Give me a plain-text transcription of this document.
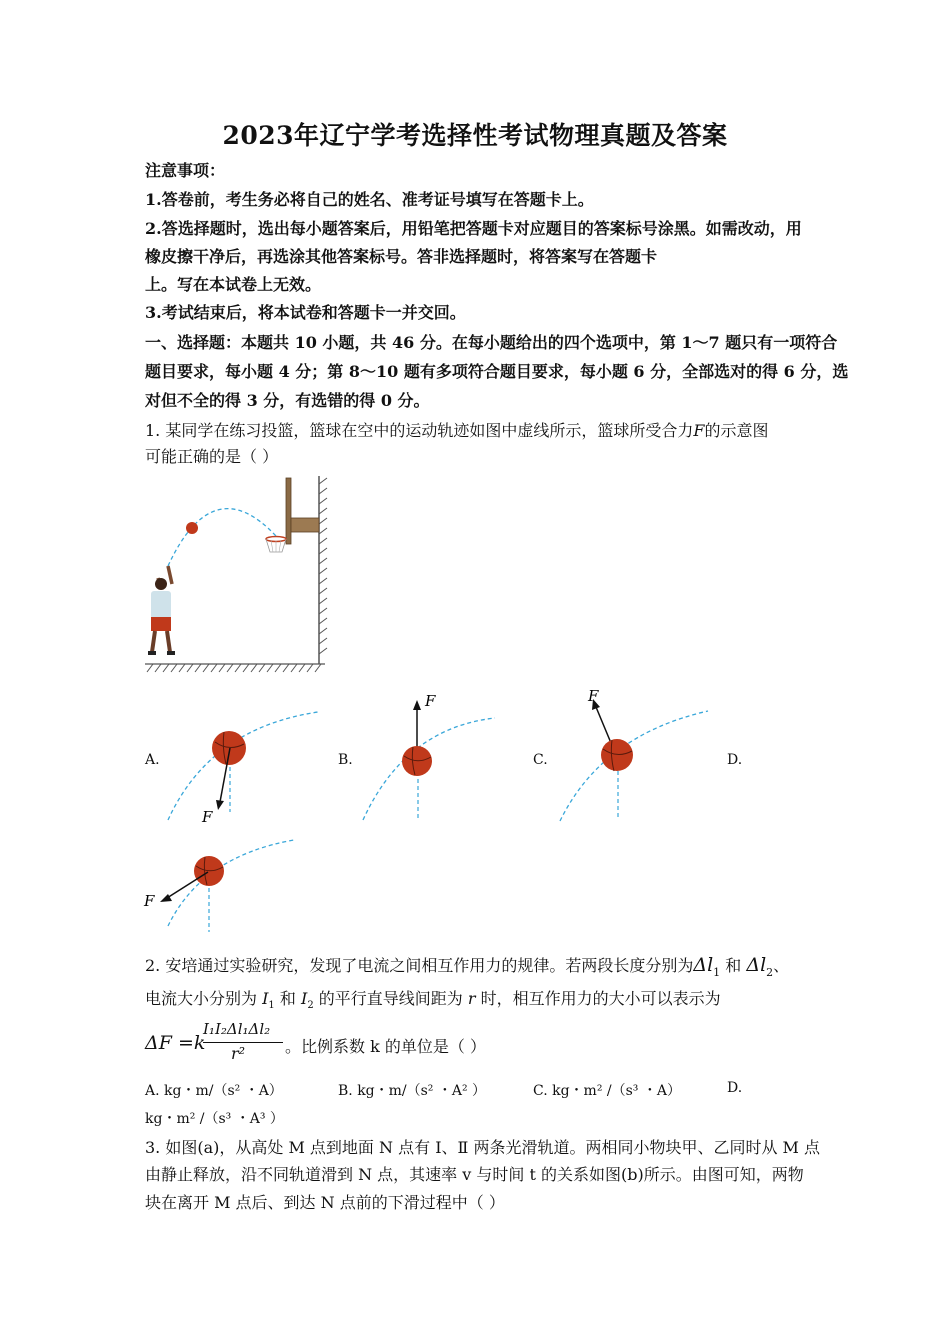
2023年辽宁学考选择性考试物理真题及答案
注意事项：
1.答卷前，考生务必将自己的姓名、准考证号填写在答题卡上。
2.答选择题时，选出每小题答案后，用铅笔把答题卡对应题目的答案标号涂黑。如需改动，用
橡皮擦干净后，再选涂其他答案标号。答非选择题时，将答案写在答题卡
上。写在本试卷上无效。
3.考试结束后，将本试卷和答题卡一并交回。
一、选择题：本题共 10 小题，共 46 分。在每小题给出的四个选项中，第 1～7 题只有一项符合
题目要求，每小题 4 分；第 8～10 题有多项符合题目要求，每小题 6 分，全部选对的得 6 分，选
对但不全的得 3 分，有选错的得 0 分。
1. 某同学在练习投篮，篮球在空中的运动轨迹如图中虚线所示，篮球所受合力F的示意图
可能正确的是（ ）
A.	B.	C.	D.
F
F	F
F
2. 安培通过实验研究，发现了电流之间相互作用力的规律。若两段长度分别为$\Delta l_1$ 和 $\Delta l_2$、
电流大小分别为 $I_1$ 和 $I_2$ 的平行直导线间距为 r 时，相互作用力的大小可以表示为
ΔF =k
I₁I₂Δl₁Δl₂
r² 。比例系数 k 的单位是（ ）
A. kg・m/（s² ・A）	B. kg・m/（s² ・A² ）	C. kg・m² /（s³ ・A）	D.
kg・m² /（s³ ・A³ ）
3. 如图(a)，从高处 M 点到地面 N 点有 Ⅰ、Ⅱ 两条光滑轨道。两相同小物块甲、乙同时从 M 点
由静止释放，沿不同轨道滑到 N 点，其速率 v 与时间 t 的关系如图(b)所示。由图可知，两物
块在离开 M 点后、到达 N 点前的下滑过程中（ ）
